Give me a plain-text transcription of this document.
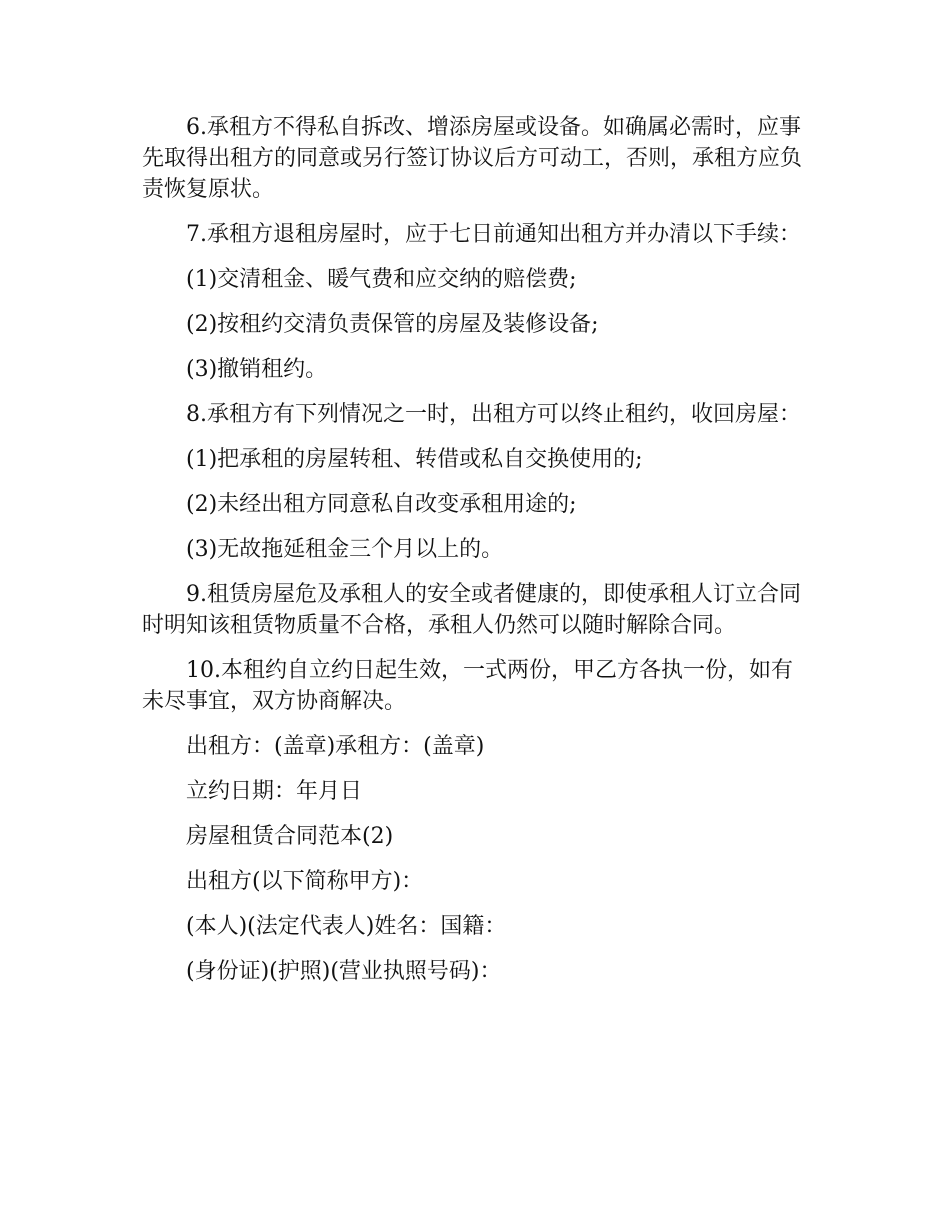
6.承租方不得私自拆改、增添房屋或设备。如确属必需时，应事先取得出租方的同意或另行签订协议后方可动工，否则，承租方应负责恢复原状。

7.承租方退租房屋时，应于七日前通知出租方并办清以下手续：

(1)交清租金、暖气费和应交纳的赔偿费;

(2)按租约交清负责保管的房屋及装修设备;

(3)撤销租约。

8.承租方有下列情况之一时，出租方可以终止租约，收回房屋：

(1)把承租的房屋转租、转借或私自交换使用的;

(2)未经出租方同意私自改变承租用途的;

(3)无故拖延租金三个月以上的。

9.租赁房屋危及承租人的安全或者健康的，即使承租人订立合同时明知该租赁物质量不合格，承租人仍然可以随时解除合同。

10.本租约自立约日起生效，一式两份，甲乙方各执一份，如有未尽事宜，双方协商解决。

出租方：(盖章)承租方：(盖章)

立约日期：年月日

房屋租赁合同范本(2)

出租方(以下简称甲方)：

(本人)(法定代表人)姓名：国籍：

(身份证)(护照)(营业执照号码)：
